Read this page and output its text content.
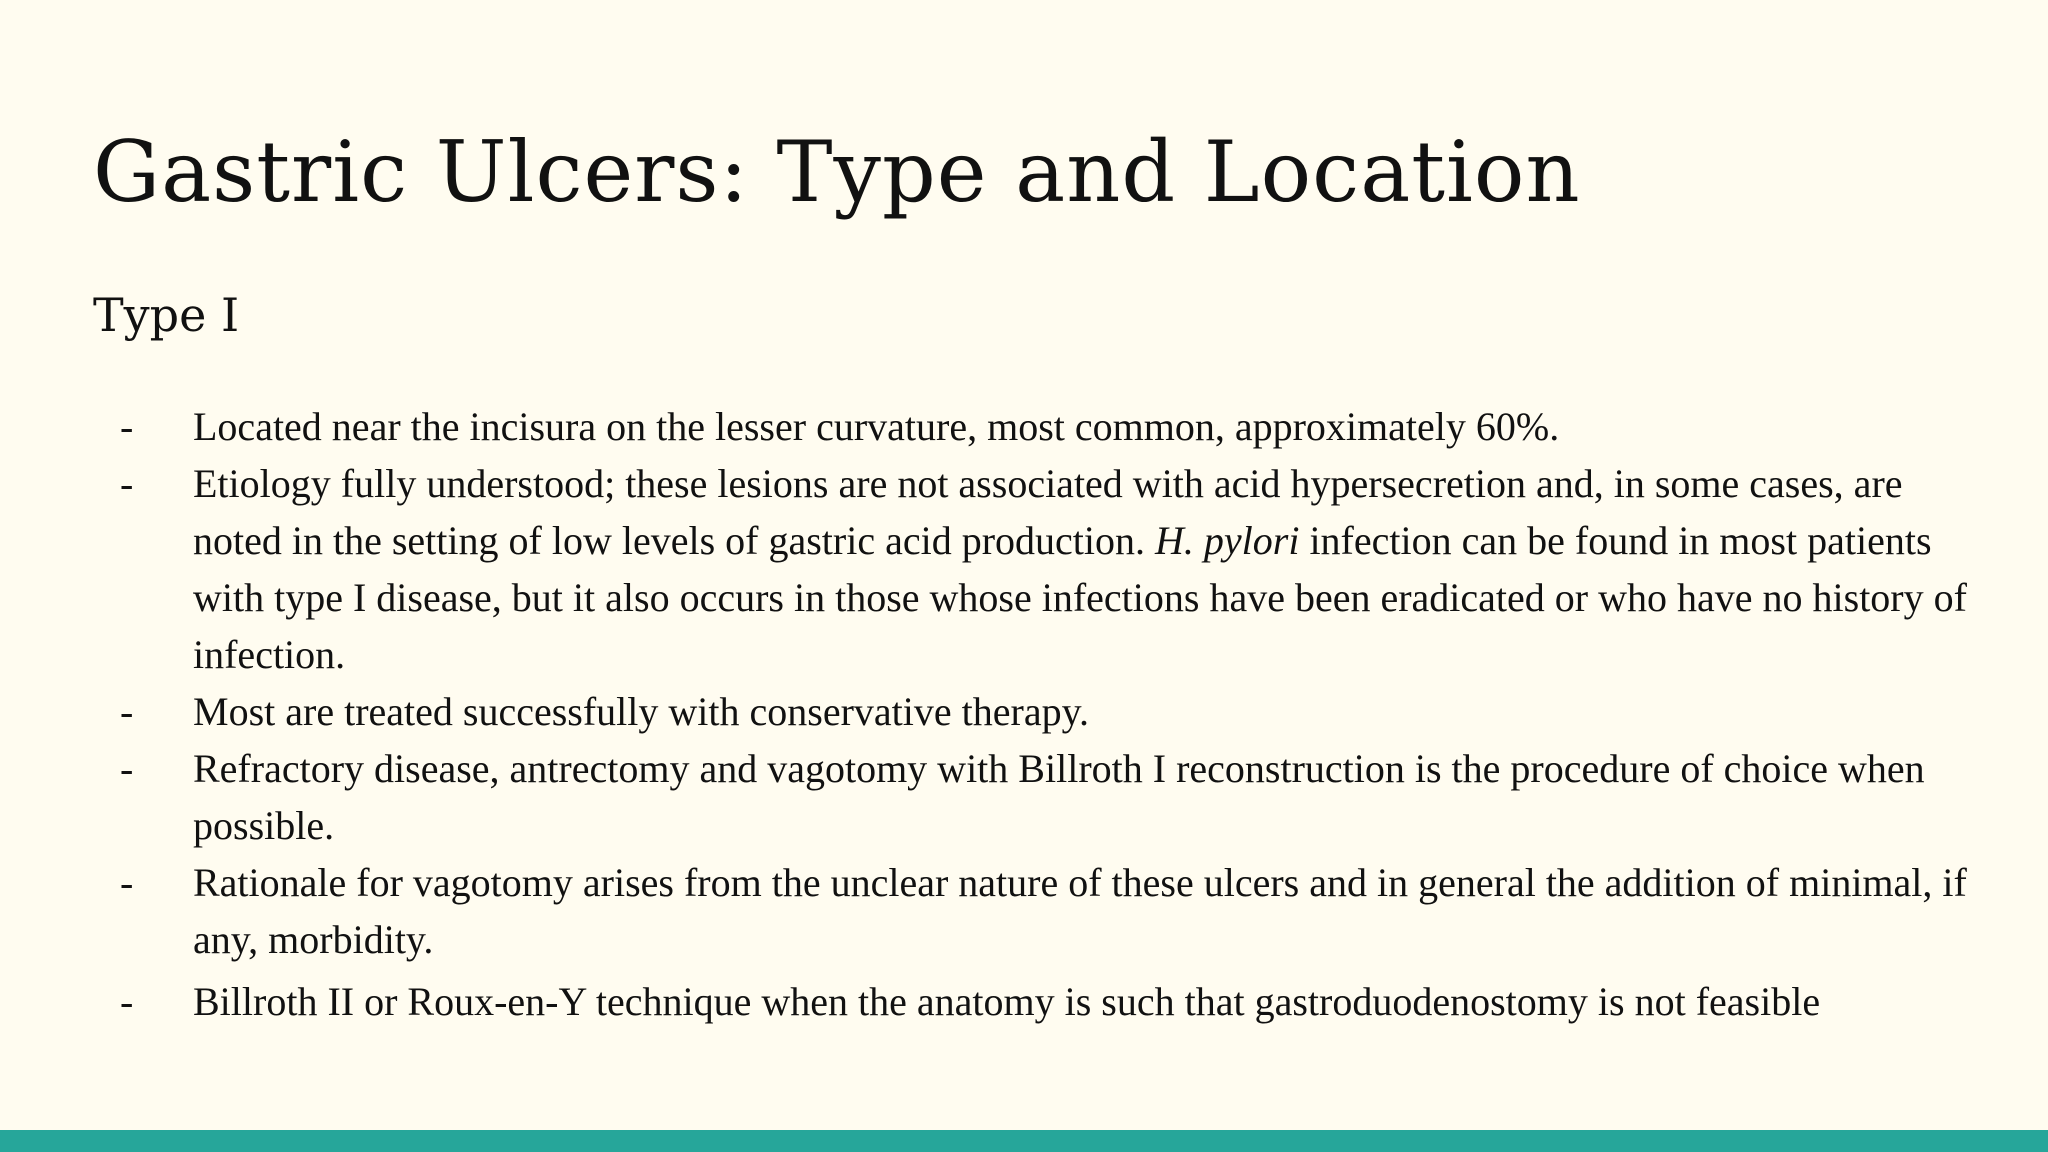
Gastric Ulcers: Type and Location
Type I
- Located near the incisura on the lesser curvature, most common, approximately 60%.
- Etiology fully understood; these lesions are not associated with acid hypersecretion and, in some cases, are noted in the setting of low levels of gastric acid production. H. pylori infection can be found in most patients with type I disease, but it also occurs in those whose infections have been eradicated or who have no history of infection.
- Most are treated successfully with conservative therapy.
- Refractory disease, antrectomy and vagotomy with Billroth I reconstruction is the procedure of choice when possible.
- Rationale for vagotomy arises from the unclear nature of these ulcers and in general the addition of minimal, if any, morbidity.
- Billroth II or Roux-en-Y technique when the anatomy is such that gastroduodenostomy is not feasible
